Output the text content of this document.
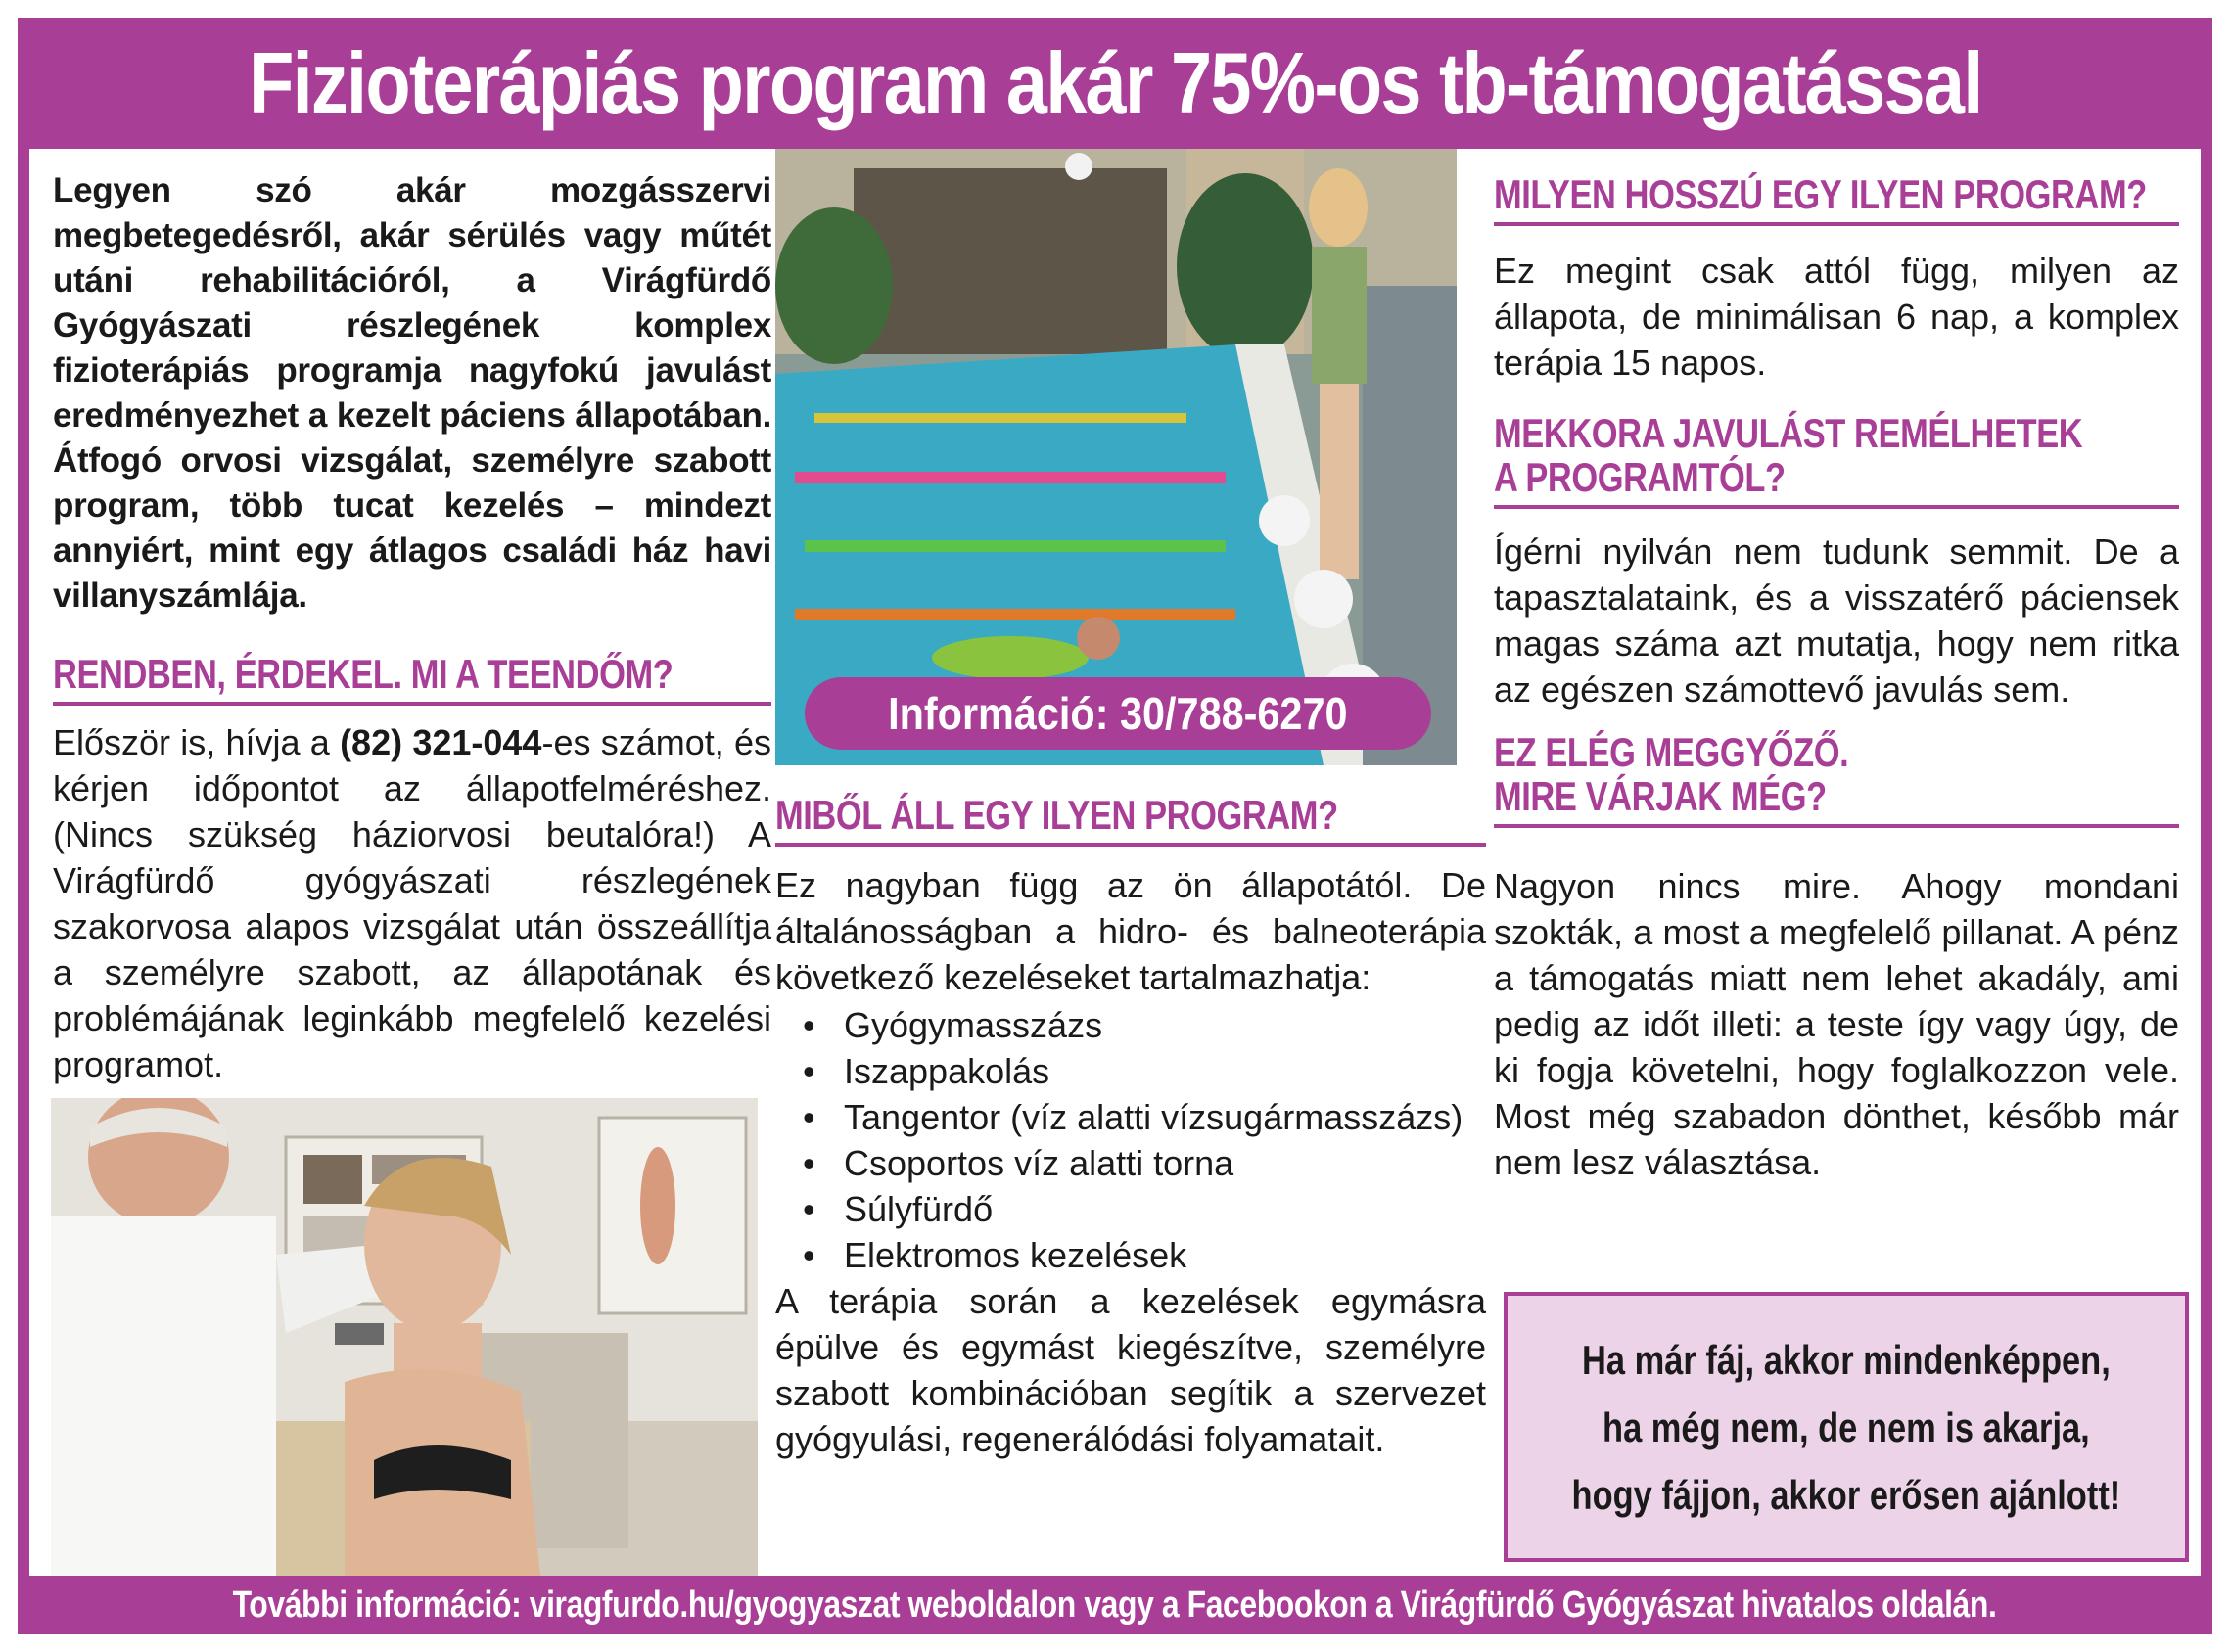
Fizioterápiás program akár 75%-os tb-támogatással

Legyen szó akár mozgásszervi megbetegedésről, akár sérülés vagy műtét utáni rehabilitációról, a Virágfürdő Gyógyászati részlegének komplex fizioterápiás programja nagyfokú javulást eredményezhet a kezelt páciens állapotában. Átfogó orvosi vizsgálat, személyre szabott program, több tucat kezelés – mindezt annyiért, mint egy átlagos családi ház havi villanyszámlája.

RENDBEN, ÉRDEKEL. MI A TEENDŐM?

Először is, hívja a (82) 321-044-es számot, és kérjen időpontot az állapotfelméréshez. (Nincs szükség háziorvosi beutalóra!) A Virágfürdő gyógyászati részlegének szakorvosa alapos vizsgálat után összeállítja a személyre szabott, az állapotának és problémájának leginkább megfelelő kezelési programot.

Információ: 30/788-6270
MIBŐL ÁLL EGY ILYEN PROGRAM?

Ez nagyban függ az ön állapotától. De általánosságban a hidro- és balneoterápia következő kezeléseket tartalmazhatja:

• Gyógymasszázs
• Iszappakolás
• Tangentor (víz alatti vízsugármasszázs)
• Csoportos víz alatti torna
• Súlyfürdő
• Elektromos kezelések

A terápia során a kezelések egymásra épülve és egymást kiegészítve, személyre szabott kombinációban segítik a szervezet gyógyulási, regenerálódási folyamatait.

MILYEN HOSSZÚ EGY ILYEN PROGRAM?

Ez megint csak attól függ, milyen az állapota, de minimálisan 6 nap, a komplex terápia 15 napos.

MEKKORA JAVULÁST REMÉLHETEK
A PROGRAMTÓL?

Ígérni nyilván nem tudunk semmit. De a tapasztalataink, és a visszatérő páciensek magas száma azt mutatja, hogy nem ritka az egészen számottevő javulás sem.

EZ ELÉG MEGGYŐZŐ.
MIRE VÁRJAK MÉG?

Nagyon nincs mire. Ahogy mondani szokták, a most a megfelelő pillanat. A pénz a támogatás miatt nem lehet akadály, ami pedig az időt illeti: a teste így vagy úgy, de ki fogja követelni, hogy foglalkozzon vele. Most még szabadon dönthet, később már nem lesz választása.

Ha már fáj, akkor mindenképpen,
ha még nem, de nem is akarja,
hogy fájjon, akkor erősen ajánlott!

További információ: viragfurdo.hu/gyogyaszat weboldalon vagy a Facebookon a Virágfürdő Gyógyászat hivatalos oldalán.
